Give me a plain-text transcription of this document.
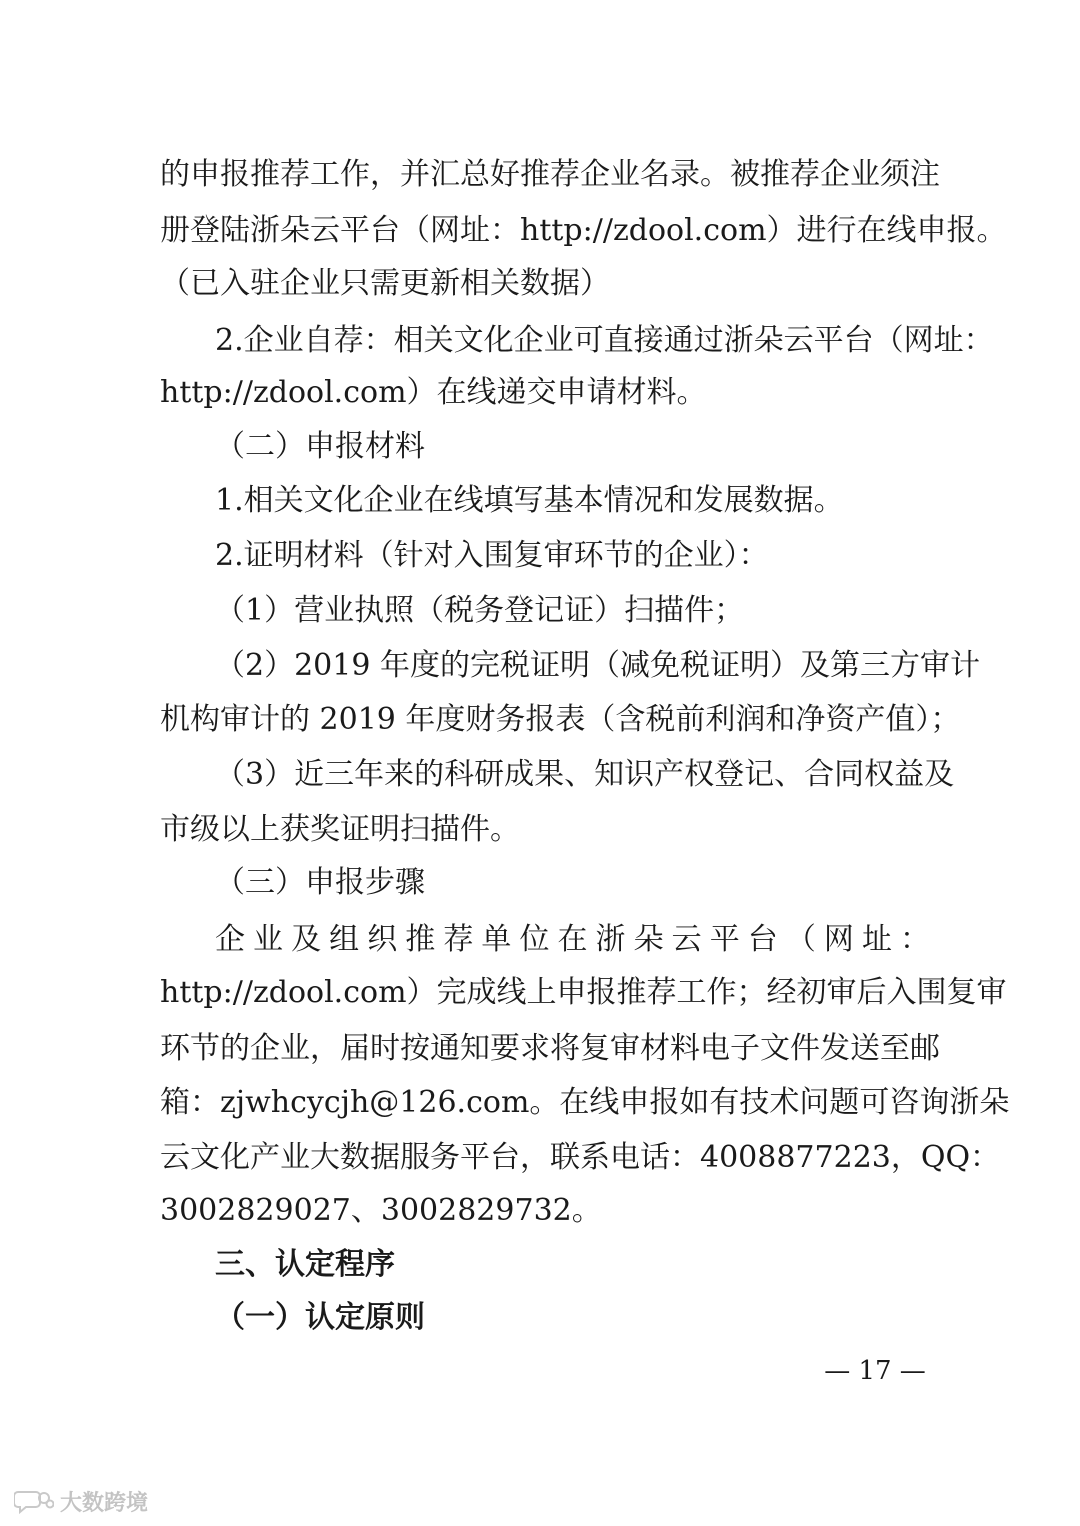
的申报推荐工作，并汇总好推荐企业名录。被推荐企业须注
册登陆浙朵云平台（网址：http://zdool.com）进行在线申报。
（已入驻企业只需更新相关数据）
2.企业自荐：相关文化企业可直接通过浙朵云平台（网址：
http://zdool.com）在线递交申请材料。
（二）申报材料
1.相关文化企业在线填写基本情况和发展数据。
2.证明材料（针对入围复审环节的企业）：
（1）营业执照（税务登记证）扫描件；
（2）2019 年度的完税证明（减免税证明）及第三方审计
机构审计的 2019 年度财务报表（含税前利润和净资产值）；
（3）近三年来的科研成果、知识产权登记、合同权益及
市级以上获奖证明扫描件。
（三）申报步骤
企业及组织推荐单位在浙朵云平台（网址：
http://zdool.com）完成线上申报推荐工作；经初审后入围复审
环节的企业，届时按通知要求将复审材料电子文件发送至邮
箱：zjwhcycjh@126.com。在线申报如有技术问题可咨询浙朵
云文化产业大数据服务平台，联系电话：4008877223，QQ：
3002829027、3002829732。
三、认定程序
（一）认定原则
— 17 —
大数跨境
